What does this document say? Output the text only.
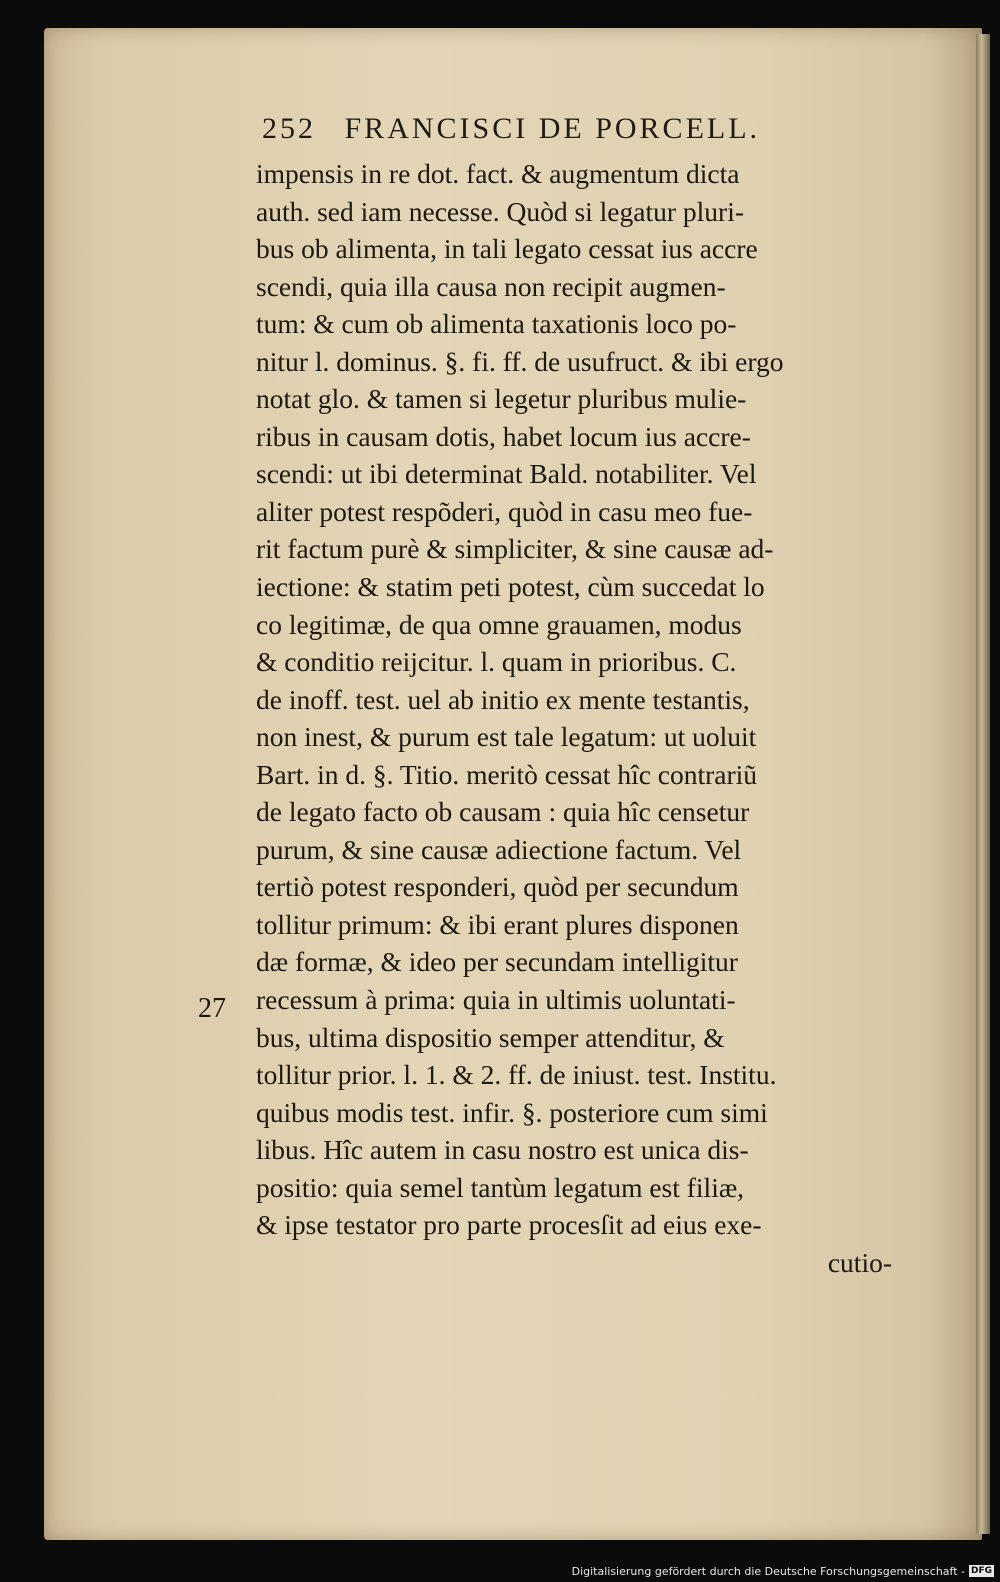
252 FRANCISCI DE PORCELL.
27
impensis in re dot. fact. & augmentum dicta
auth. sed iam necesse. Quòd si legatur pluri-
bus ob alimenta, in tali legato cessat ius accre
scendi, quia illa causa non recipit augmen-
tum: & cum ob alimenta taxationis loco po-
nitur l. dominus. §. fi. ff. de usufruct. & ibi ergo
notat glo. & tamen si legetur pluribus mulie-
ribus in causam dotis, habet locum ius accre-
scendi: ut ibi determinat Bald. notabiliter. Vel
aliter potest respõderi, quòd in casu meo fue-
rit factum purè & simpliciter, & sine causæ ad-
iectione: & statim peti potest, cùm succedat lo
co legitimæ, de qua omne grauamen, modus
& conditio reijcitur. l. quam in prioribus. C.
de inoff. test. uel ab initio ex mente testantis,
non inest, & purum est tale legatum: ut uoluit
Bart. in d. §. Titio. meritò cessat hîc contrariũ
de legato facto ob causam : quia hîc censetur
purum, & sine causæ adiectione factum. Vel
tertiò potest responderi, quòd per secundum
tollitur primum: & ibi erant plures disponen
dæ formæ, & ideo per secundam intelligitur
recessum à prima: quia in ultimis uoluntati-
bus, ultima dispositio semper attenditur, &
tollitur prior. l. 1. & 2. ff. de iniust. test. Institu.
quibus modis test. infir. §. posteriore cum simi
libus. Hîc autem in casu nostro est unica dis-
positio: quia semel tantùm legatum est filiæ,
& ipse testator pro parte procesſit ad eius exe-
cutio-
Digitalisierung gefördert durch die Deutsche Forschungsgemeinschaft - DFG
